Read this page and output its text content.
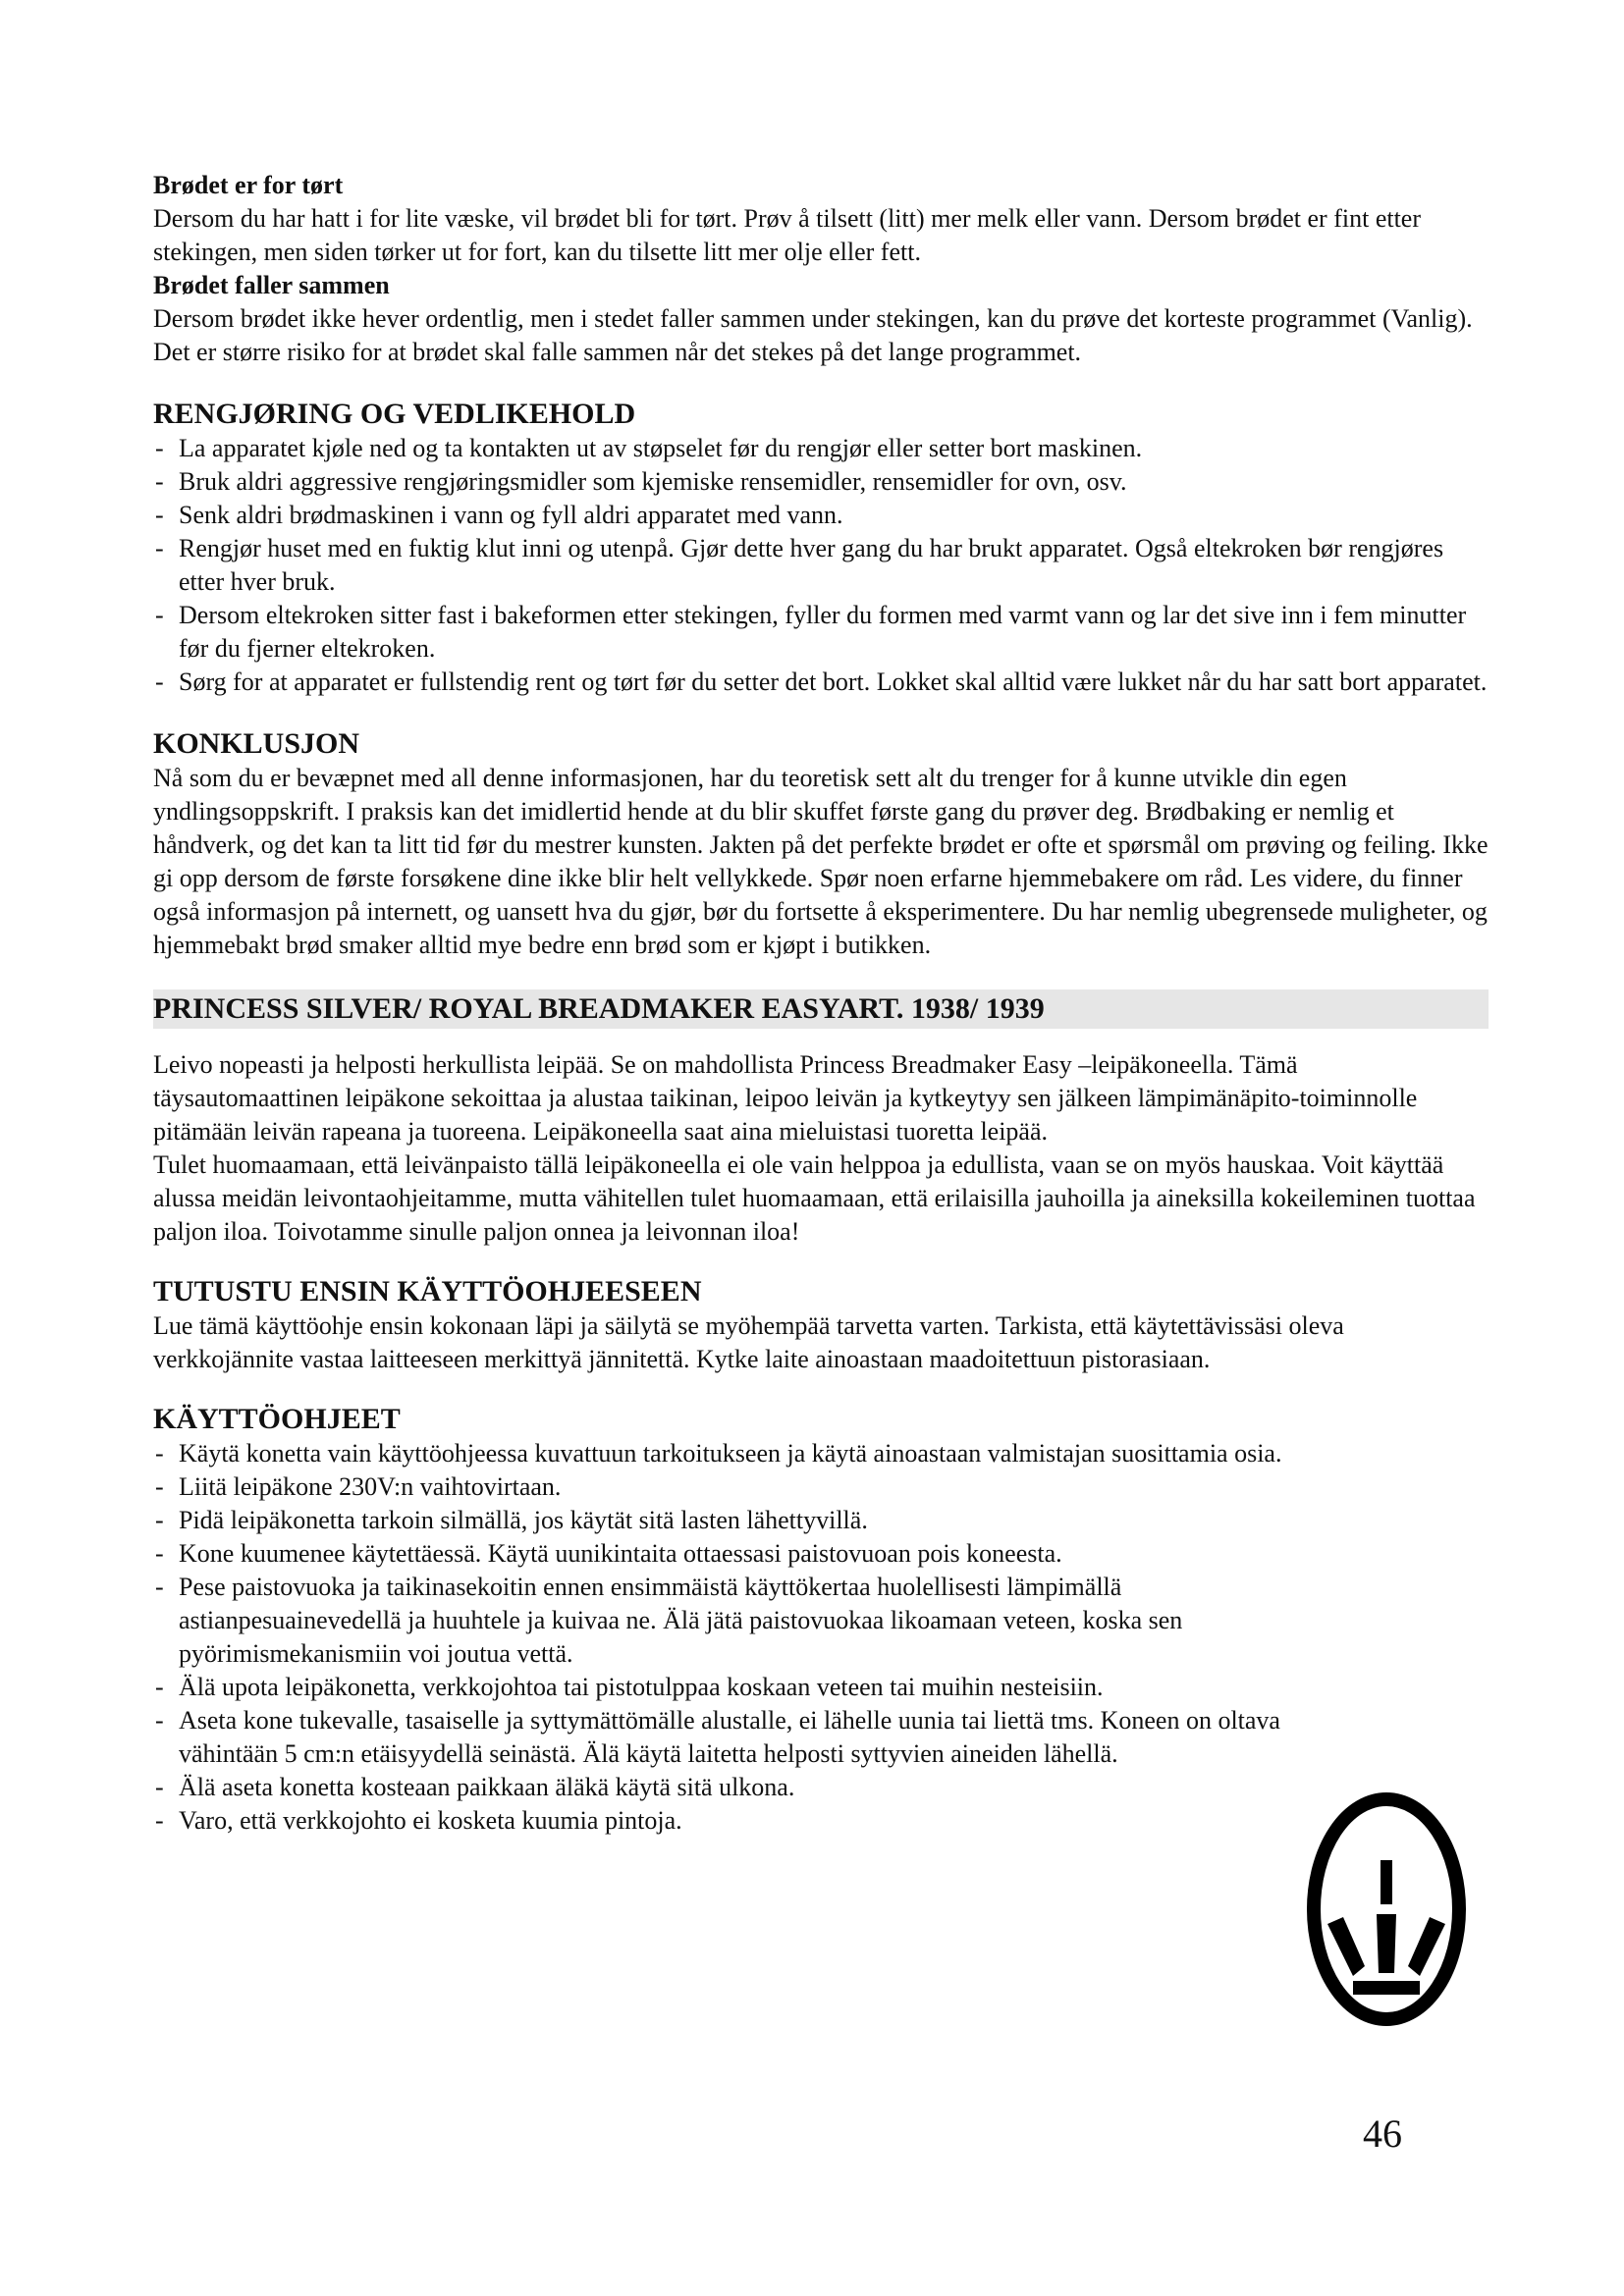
Brødet er for tørt

Dersom du har hatt i for lite væske, vil brødet bli for tørt. Prøv å tilsett (litt) mer melk eller vann. Dersom brødet er fint etter stekingen, men siden tørker ut for fort, kan du tilsette litt mer olje eller fett.

Brødet faller sammen

Dersom brødet ikke hever ordentlig, men i stedet faller sammen under stekingen, kan du prøve det korteste programmet (Vanlig). Det er større risiko for at brødet skal falle sammen når det stekes på det lange programmet.

RENGJØRING OG VEDLIKEHOLD
- La apparatet kjøle ned og ta kontakten ut av støpselet før du rengjør eller setter bort maskinen.
- Bruk aldri aggressive rengjøringsmidler som kjemiske rensemidler, rensemidler for ovn, osv.
- Senk aldri brødmaskinen i vann og fyll aldri apparatet med vann.
- Rengjør huset med en fuktig klut inni og utenpå. Gjør dette hver gang du har brukt apparatet. Også eltekroken bør rengjøres etter hver bruk.
- Dersom eltekroken sitter fast i bakeformen etter stekingen, fyller du formen med varmt vann og lar det sive inn i fem minutter før du fjerner eltekroken.
- Sørg for at apparatet er fullstendig rent og tørt før du setter det bort. Lokket skal alltid være lukket når du har satt bort apparatet.
KONKLUSJON

Nå som du er bevæpnet med all denne informasjonen, har du teoretisk sett alt du trenger for å kunne utvikle din egen yndlingsoppskrift. I praksis kan det imidlertid hende at du blir skuffet første gang du prøver deg. Brødbaking er nemlig et håndverk, og det kan ta litt tid før du mestrer kunsten. Jakten på det perfekte brødet er ofte et spørsmål om prøving og feiling. Ikke gi opp dersom de første forsøkene dine ikke blir helt vellykkede. Spør noen erfarne hjemmebakere om råd. Les videre, du finner også informasjon på internett, og uansett hva du gjør, bør du fortsette å eksperimentere. Du har nemlig ubegrensede muligheter, og hjemmebakt brød smaker alltid mye bedre enn brød som er kjøpt i butikken.

PRINCESS SILVER/ ROYAL BREADMAKER EASYART. 1938/ 1939

Leivo nopeasti ja helposti herkullista leipää. Se on mahdollista Princess Breadmaker Easy –leipäkoneella. Tämä täysautomaattinen leipäkone sekoittaa ja alustaa taikinan, leipoo leivän ja kytkeytyy sen jälkeen lämpimänäpito-toiminnolle pitämään leivän rapeana ja tuoreena. Leipäkoneella saat aina mieluistasi tuoretta leipää.

Tulet huomaamaan, että leivänpaisto tällä leipäkoneella ei ole vain helppoa ja edullista, vaan se on myös hauskaa. Voit käyttää alussa meidän leivontaohjeitamme, mutta vähitellen tulet huomaamaan, että erilaisilla jauhoilla ja aineksilla kokeileminen tuottaa paljon iloa. Toivotamme sinulle paljon onnea ja leivonnan iloa!

TUTUSTU ENSIN KÄYTTÖOHJEESEEN

Lue tämä käyttöohje ensin kokonaan läpi ja säilytä se myöhempää tarvetta varten. Tarkista, että käytettävissäsi oleva verkkojännite vastaa laitteeseen merkittyä jännitettä. Kytke laite ainoastaan maadoitettuun pistorasiaan.

KÄYTTÖOHJEET
- Käytä konetta vain käyttöohjeessa kuvattuun tarkoitukseen ja käytä ainoastaan valmistajan suosittamia osia.
- Liitä leipäkone 230V:n vaihtovirtaan.
- Pidä leipäkonetta tarkoin silmällä, jos käytät sitä lasten lähettyvillä.
- Kone kuumenee käytettäessä. Käytä uunikintaita ottaessasi paistovuoan pois koneesta.
- Pese paistovuoka ja taikinasekoitin ennen ensimmäistä käyttökertaa huolellisesti lämpimällä astianpesuainevedellä ja huuhtele ja kuivaa ne. Älä jätä paistovuokaa likoamaan veteen, koska sen pyörimismekanismiin voi joutua vettä.
- Älä upota leipäkonetta, verkkojohtoa tai pistotulppaa koskaan veteen tai muihin nesteisiin.
- Aseta kone tukevalle, tasaiselle ja syttymättömälle alustalle, ei lähelle uunia tai liettä tms. Koneen on oltava vähintään 5 cm:n etäisyydellä seinästä. Älä käytä laitetta helposti syttyvien aineiden lähellä.
- Älä aseta konetta kosteaan paikkaan äläkä käytä sitä ulkona.
- Varo, että verkkojohto ei kosketa kuumia pintoja.
46
